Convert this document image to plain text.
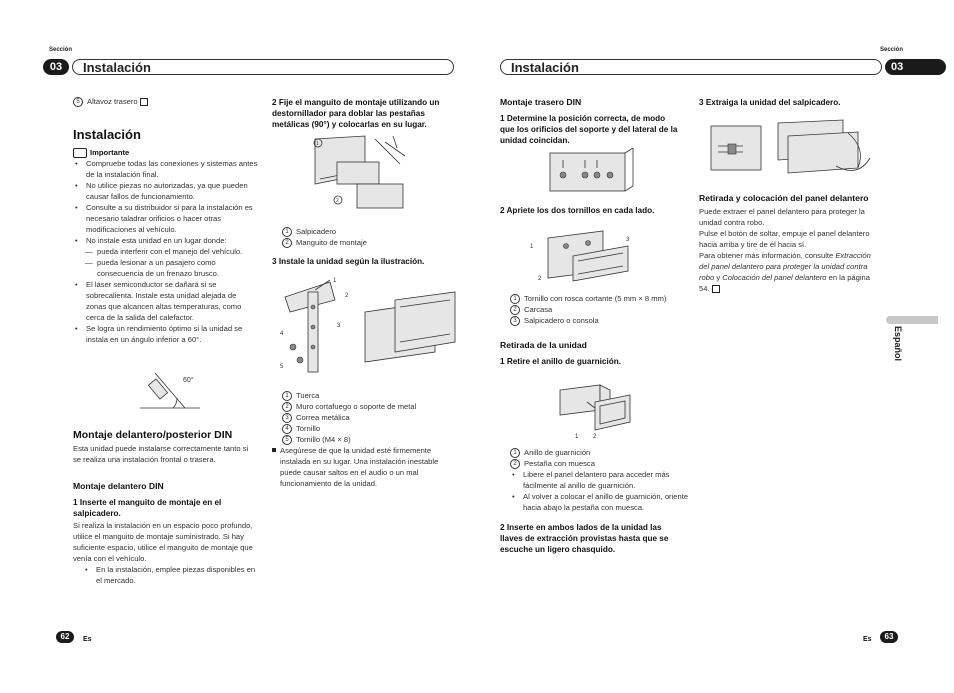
Sección
03	Instalación
Sección
Instalación	03

5 Altavoz trasero

Instalación

Importante

• Compruebe todas las conexiones y sistemas antes de la instalación final.

• No utilice piezas no autorizadas, ya que pueden causar fallos de funcionamiento.

• Consulte a su distribuidor si para la instalación es necesario taladrar orificios o hacer otras modificaciones al vehículo.

• No instale esta unidad en un lugar donde:

— pueda interferir con el manejo del vehículo.

— pueda lesionar a un pasajero como consecuencia de un frenazo brusco.

• El láser semiconductor se dañará si se sobrecalienta. Instale esta unidad alejada de zonas que alcancen altas temperaturas, como cerca de la salida del calefactor.

• Se logra un rendimiento óptimo si la unidad se instala en un ángulo inferior a 60°.

60°

Montaje delantero/posterior DIN

Esta unidad puede instalarse correctamente tanto si se realiza una instalación frontal o trasera.

Montaje delantero DIN

1 Inserte el manguito de montaje en el salpicadero.

Si realiza la instalación en un espacio poco profundo, utilice el manguito de montaje suministrado. Si hay suficiente espacio, utilice el manguito de montaje que venía con el vehículo.

• En la instalación, emplee piezas disponibles en el mercado.

2 Fije el manguito de montaje utilizando un destornillador para doblar las pestañas metálicas (90°) y colocarlas en su lugar.

1
2

1 Salpicadero

2 Manguito de montaje

3 Instale la unidad según la ilustración.

1
2
3
4
5

1 Tuerca

2 Muro cortafuego o soporte de metal

3 Correa metálica

4 Tornillo

5 Tornillo (M4 × 8)

Asegúrese de que la unidad esté firmemente instalada en su lugar. Una instalación inestable puede causar saltos en el audio o un mal funcionamiento de la unidad.

62	Es

Montaje trasero DIN

1 Determine la posición correcta, de modo que los orificios del soporte y del lateral de la unidad coincidan.

2 Apriete los dos tornillos en cada lado.

1
3
2

1 Tornillo con rosca cortante (5 mm × 8 mm)

2 Carcasa

3 Salpicadero o consola

Retirada de la unidad

1 Retire el anillo de guarnición.

1 2

1 Anillo de guarnición

2 Pestaña con muesca

• Libere el panel delantero para acceder más fácilmente al anillo de guarnición.

• Al volver a colocar el anillo de guarnición, oriente hacia abajo la pestaña con muesca.

2 Inserte en ambos lados de la unidad las llaves de extracción provistas hasta que se escuche un ligero chasquido.

3 Extraiga la unidad del salpicadero.

Retirada y colocación del panel delantero

Puede extraer el panel delantero para proteger la unidad contra robo.

Pulse el botón de soltar, empuje el panel delantero hacia arriba y tire de él hacia sí.

Para obtener más información, consulte Extracción del panel delantero para proteger la unidad contra robo y Colocación del panel delantero en la página 54.

Español
Es	63
